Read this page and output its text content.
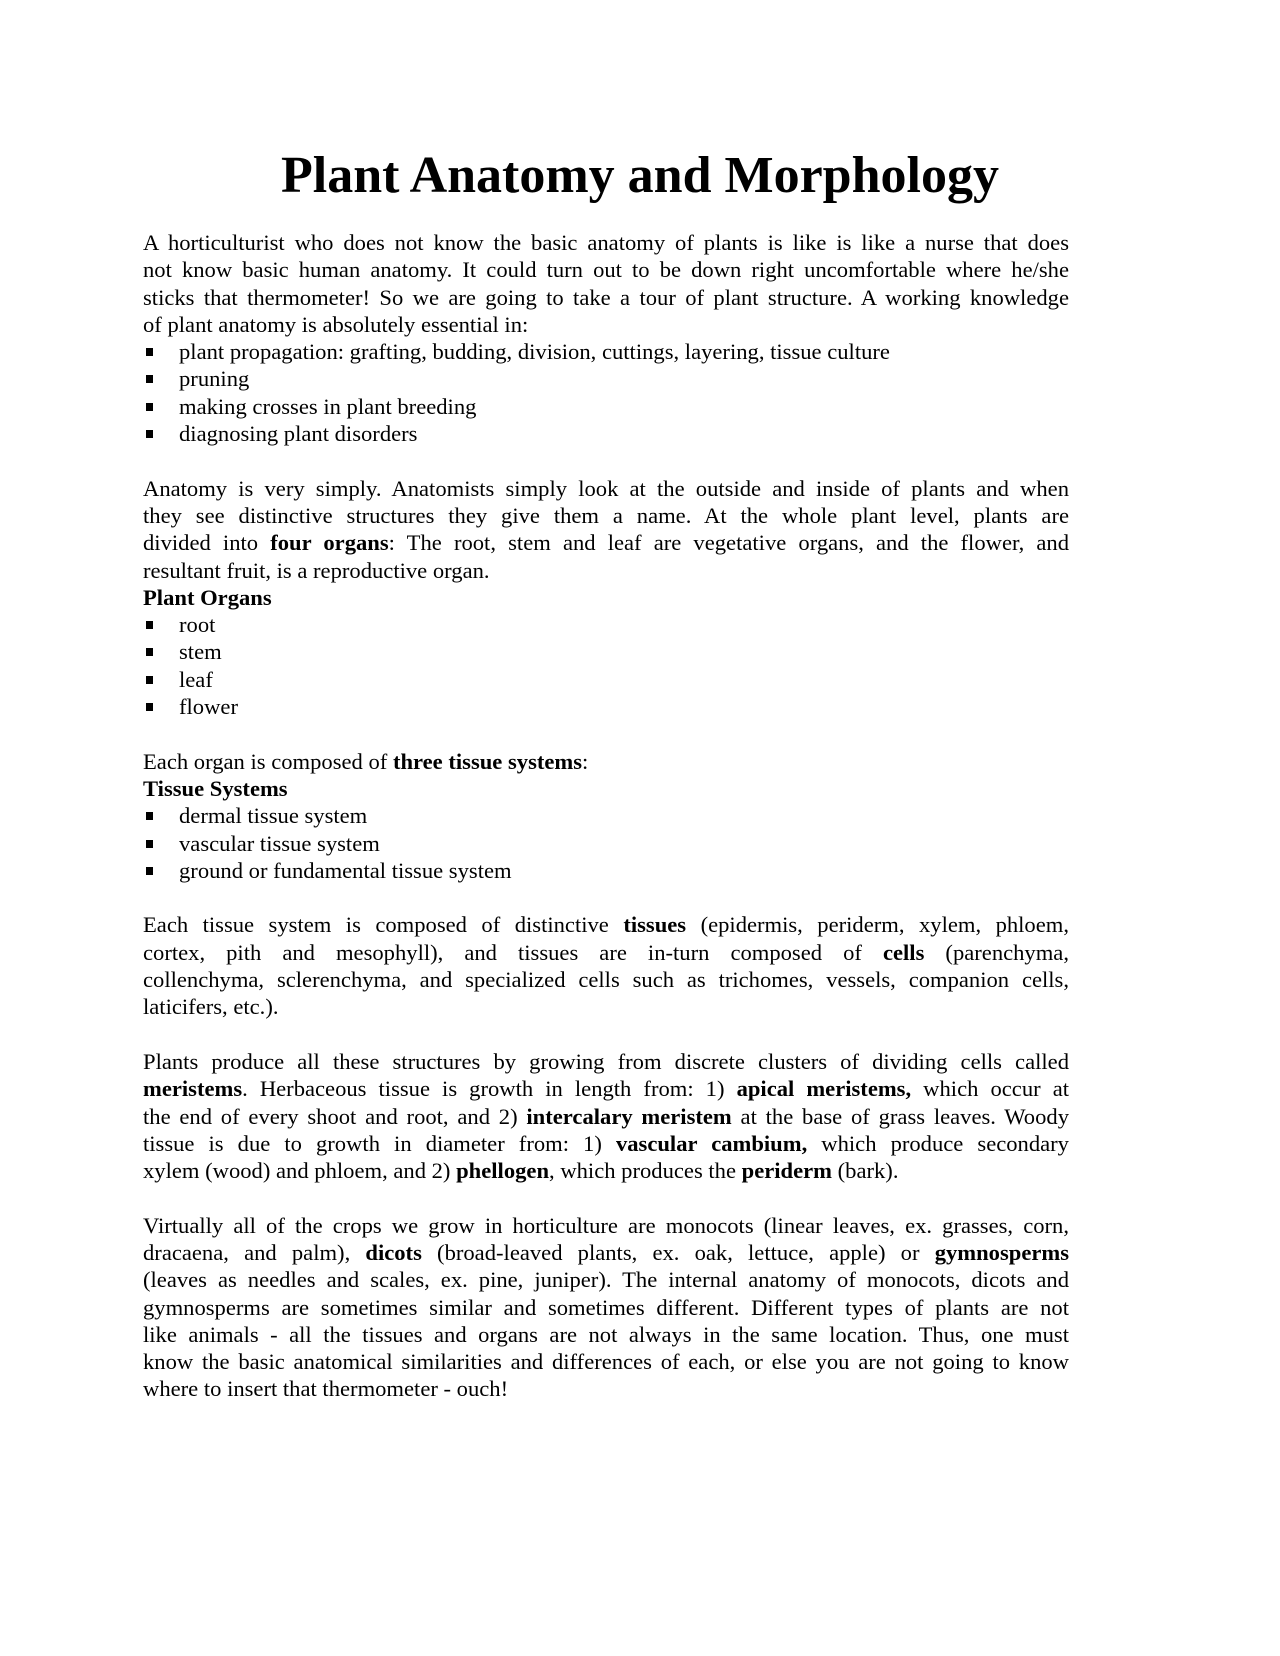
Plant Anatomy and Morphology
A horticulturist who does not know the basic anatomy of plants is like is like a nurse that does
not know basic human anatomy. It could turn out to be down right uncomfortable where he/she
sticks that thermometer! So we are going to take a tour of plant structure. A working knowledge
of plant anatomy is absolutely essential in:
plant propagation: grafting, budding, division, cuttings, layering, tissue culture
pruning
making crosses in plant breeding
diagnosing plant disorders
Anatomy is very simply. Anatomists simply look at the outside and inside of plants and when
they see distinctive structures they give them a name. At the whole plant level, plants are
divided into four organs: The root, stem and leaf are vegetative organs, and the flower, and
resultant fruit, is a reproductive organ.
Plant Organs
root
stem
leaf
flower
Each organ is composed of three tissue systems:
Tissue Systems
dermal tissue system
vascular tissue system
ground or fundamental tissue system
Each tissue system is composed of distinctive tissues (epidermis, periderm, xylem, phloem,
cortex, pith and mesophyll), and tissues are in-turn composed of cells (parenchyma,
collenchyma, sclerenchyma, and specialized cells such as trichomes, vessels, companion cells,
laticifers, etc.).
Plants produce all these structures by growing from discrete clusters of dividing cells called
meristems. Herbaceous tissue is growth in length from: 1) apical meristems, which occur at
the end of every shoot and root, and 2) intercalary meristem at the base of grass leaves. Woody
tissue is due to growth in diameter from: 1) vascular cambium, which produce secondary
xylem (wood) and phloem, and 2) phellogen, which produces the periderm (bark).
Virtually all of the crops we grow in horticulture are monocots (linear leaves, ex. grasses, corn,
dracaena, and palm), dicots (broad-leaved plants, ex. oak, lettuce, apple) or gymnosperms
(leaves as needles and scales, ex. pine, juniper). The internal anatomy of monocots, dicots and
gymnosperms are sometimes similar and sometimes different. Different types of plants are not
like animals - all the tissues and organs are not always in the same location. Thus, one must
know the basic anatomical similarities and differences of each, or else you are not going to know
where to insert that thermometer - ouch!
